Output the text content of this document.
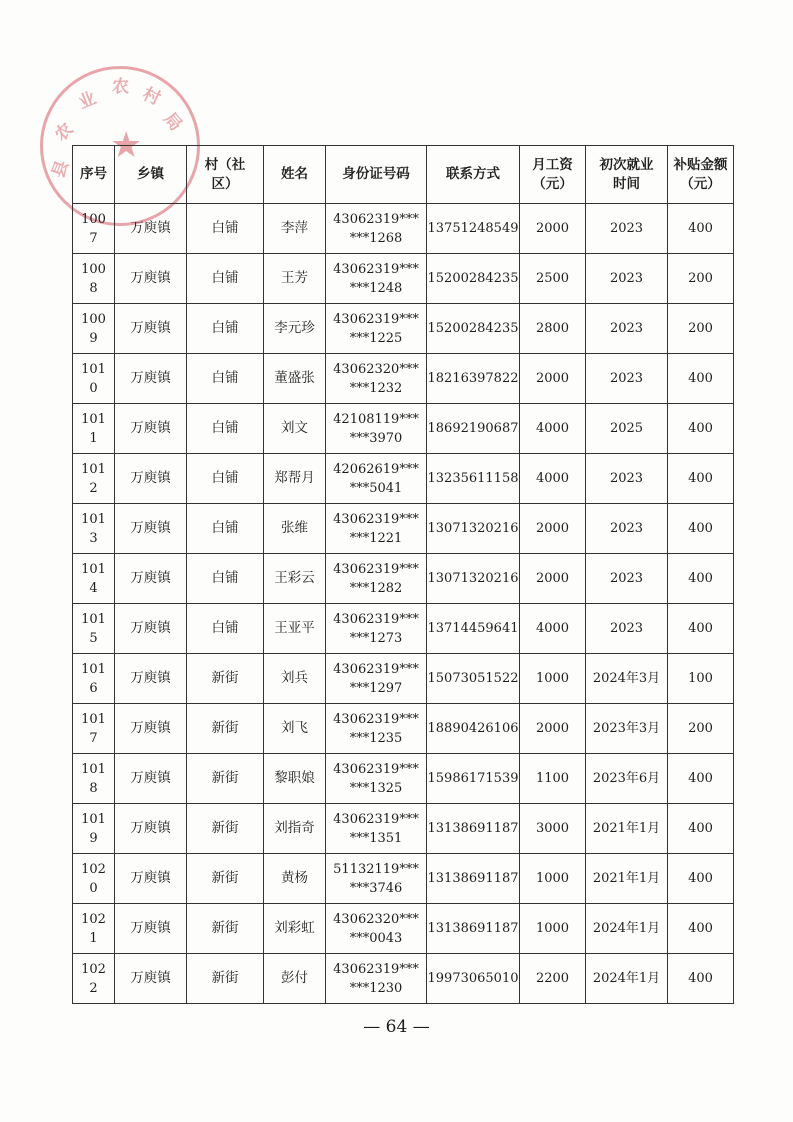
县
农
业
农 村
局
★
序号	乡镇	村（社区）	姓名	身份证号码	联系方式	月工资（元）	初次就业时间	补贴金额（元）

1007	万庾镇	白铺	李萍	43062319******1268	13751248549	2000	2023	400

1008	万庾镇	白铺	王芳	43062319******1248	15200284235	2500	2023	200

1009	万庾镇	白铺	李元珍	43062319******1225	15200284235	2800	2023	200

1010	万庾镇	白铺	董盛张	43062320******1232	18216397822	2000	2023	400

1011	万庾镇	白铺	刘文	42108119******3970	18692190687	4000	2025	400

1012	万庾镇	白铺	郑帮月	42062619******5041	13235611158	4000	2023	400

1013	万庾镇	白铺	张维	43062319******1221	13071320216	2000	2023	400

1014	万庾镇	白铺	王彩云	43062319******1282	13071320216	2000	2023	400

1015	万庾镇	白铺	王亚平	43062319******1273	13714459641	4000	2023	400

1016	万庾镇	新街	刘兵	43062319******1297	15073051522	1000	2024年3月	100

1017	万庾镇	新街	刘飞	43062319******1235	18890426106	2000	2023年3月	200

1018	万庾镇	新街	黎职娘	43062319******1325	15986171539	1100	2023年6月	400

1019	万庾镇	新街	刘指奇	43062319******1351	13138691187	3000	2021年1月	400

1020	万庾镇	新街	黄杨	51132119******3746	13138691187	1000	2021年1月	400

1021	万庾镇	新街	刘彩虹	43062320******0043	13138691187	1000	2024年1月	400

1022	万庾镇	新街	彭付	43062319******1230	19973065010	2200	2024年1月	400
— 64 —
